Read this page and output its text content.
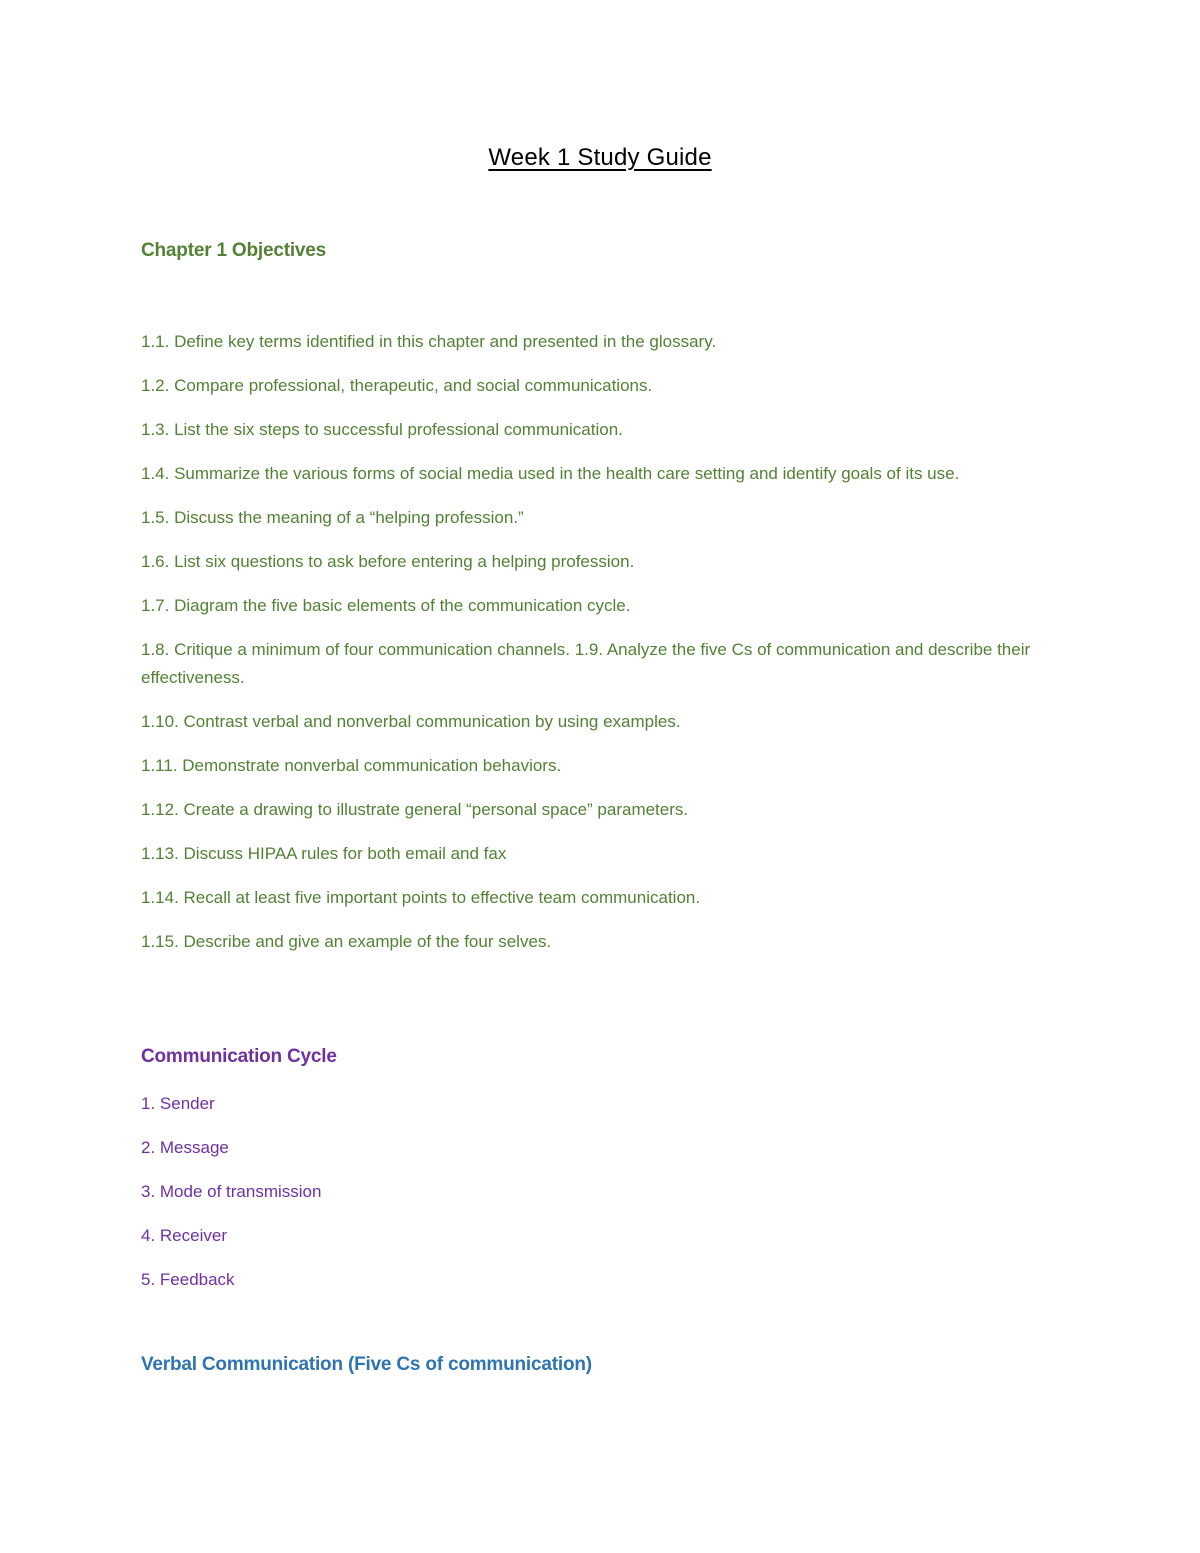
Week 1 Study Guide
Chapter 1 Objectives
1.1. Define key terms identified in this chapter and presented in the glossary.
1.2. Compare professional, therapeutic, and social communications.
1.3. List the six steps to successful professional communication.
1.4. Summarize the various forms of social media used in the health care setting and identify goals of its use.
1.5. Discuss the meaning of a “helping profession.”
1.6. List six questions to ask before entering a helping profession.
1.7. Diagram the five basic elements of the communication cycle.
1.8. Critique a minimum of four communication channels. 1.9. Analyze the five Cs of communication and describe their effectiveness.
1.10. Contrast verbal and nonverbal communication by using examples.
1.11. Demonstrate nonverbal communication behaviors.
1.12. Create a drawing to illustrate general “personal space” parameters.
1.13. Discuss HIPAA rules for both email and fax
1.14. Recall at least five important points to effective team communication.
1.15. Describe and give an example of the four selves.
Communication Cycle
1. Sender
2. Message
3. Mode of transmission
4. Receiver
5. Feedback
Verbal Communication (Five Cs of communication)
